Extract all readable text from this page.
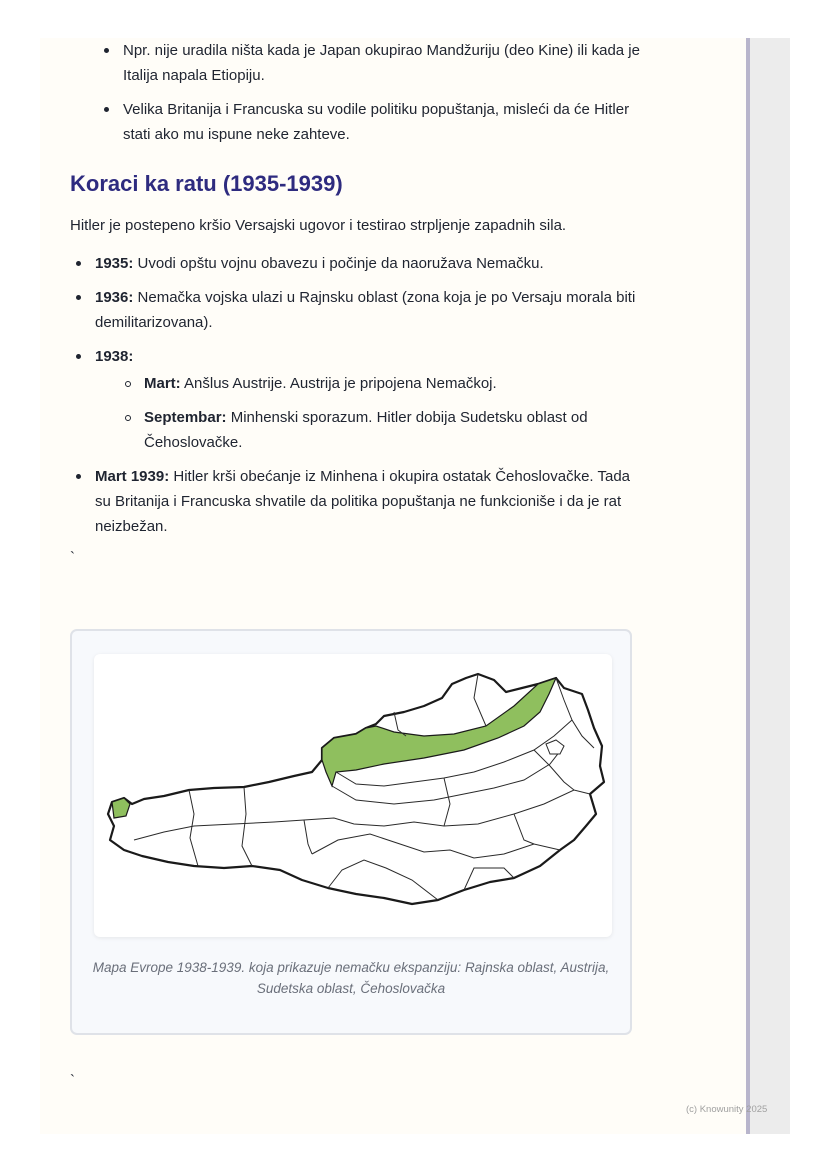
Npr. nije uradila ništa kada je Japan okupirao Mandžuriju (deo Kine) ili kada je Italija napala Etiopiju.
Velika Britanija i Francuska su vodile politiku popuštanja, misleći da će Hitler stati ako mu ispune neke zahteve.
Koraci ka ratu (1935-1939)

Hitler je postepeno kršio Versajski ugovor i testirao strpljenje zapadnih sila.

1935: Uvodi opštu vojnu obavezu i počinje da naoružava Nemačku.
1936: Nemačka vojska ulazi u Rajnsku oblast (zona koja je po Versaju morala biti demilitarizovana).
1938:
Mart: Anšlus Austrije. Austrija je pripojena Nemačkoj.
Septembar: Minhenski sporazum. Hitler dobija Sudetsku oblast od Čehoslovačke.
Mart 1939: Hitler krši obećanje iz Minhena i okupira ostatak Čehoslovačke. Tada su Britanija i Francuska shvatile da politika popuštanja ne funkcioniše i da je rat neizbežan.
`
Mapa Evrope 1938-1939. koja prikazuje nemačku ekspanziju: Rajnska oblast, Austrija, Sudetska oblast, Čehoslovačka
`
(c) Knowunity 2025
